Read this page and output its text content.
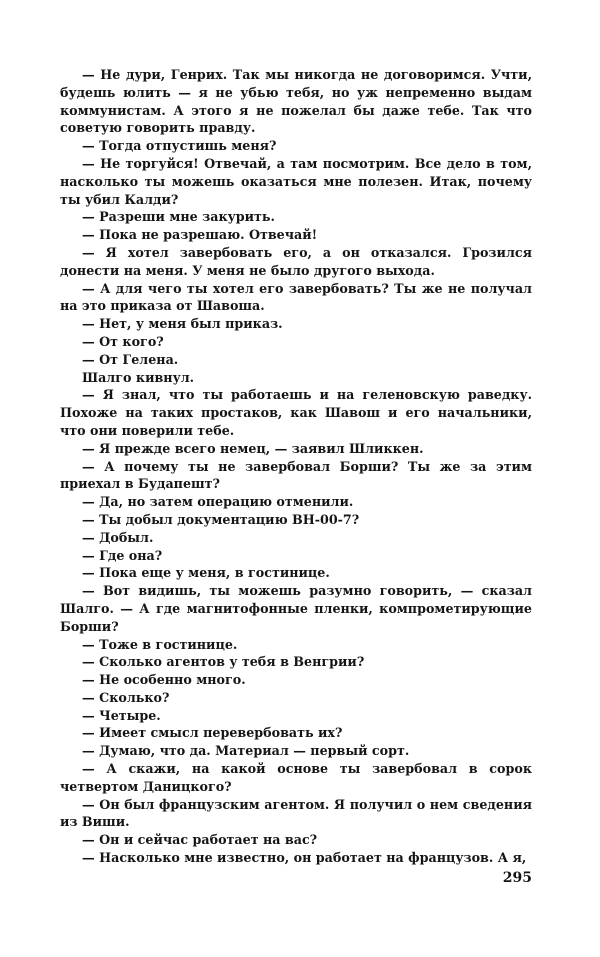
— Не дури, Генрих. Так мы никогда не договоримся. Учти, будешь юлить — я не убью тебя, но уж непременно выдам коммунистам. А этого я не пожелал бы даже тебе. Так что советую говорить правду.

— Тогда отпустишь меня?

— Не торгуйся! Отвечай, а там посмотрим. Все дело в том, насколько ты можешь оказаться мне полезен. Итак, почему ты убил Калди?

— Разреши мне закурить.

— Пока не разрешаю. Отвечай!

— Я хотел завербовать его, а он отказался. Грозился донести на меня. У меня не было другого выхода.

— А для чего ты хотел его завербовать? Ты же не получал на это приказа от Шавоша.

— Нет, у меня был приказ.

— От кого?

— От Гелена.

Шалго кивнул.

— Я знал, что ты работаешь и на геленовскую раведку. Похоже на таких простаков, как Шавош и его начальники, что они поверили тебе.

— Я прежде всего немец, — заявил Шликкен.

— А почему ты не завербовал Борши? Ты же за этим приехал в Будапешт?

— Да, но затем операцию отменили.

— Ты добыл документацию ВН-00-7?

— Добыл.

— Где она?

— Пока еще у меня, в гостинице.

— Вот видишь, ты можешь разумно говорить, — сказал Шалго. — А где магнитофонные пленки, компрометирующие Борши?

— Тоже в гостинице.

— Сколько агентов у тебя в Венгрии?

— Не особенно много.

— Сколько?

— Четыре.

— Имеет смысл перевербовать их?

— Думаю, что да. Материал — первый сорт.

— А скажи, на какой основе ты завербовал в сорок четвертом Даницкого?

— Он был французским агентом. Я получил о нем сведения из Виши.

— Он и сейчас работает на вас?

— Насколько мне известно, он работает на французов. А я,

295
